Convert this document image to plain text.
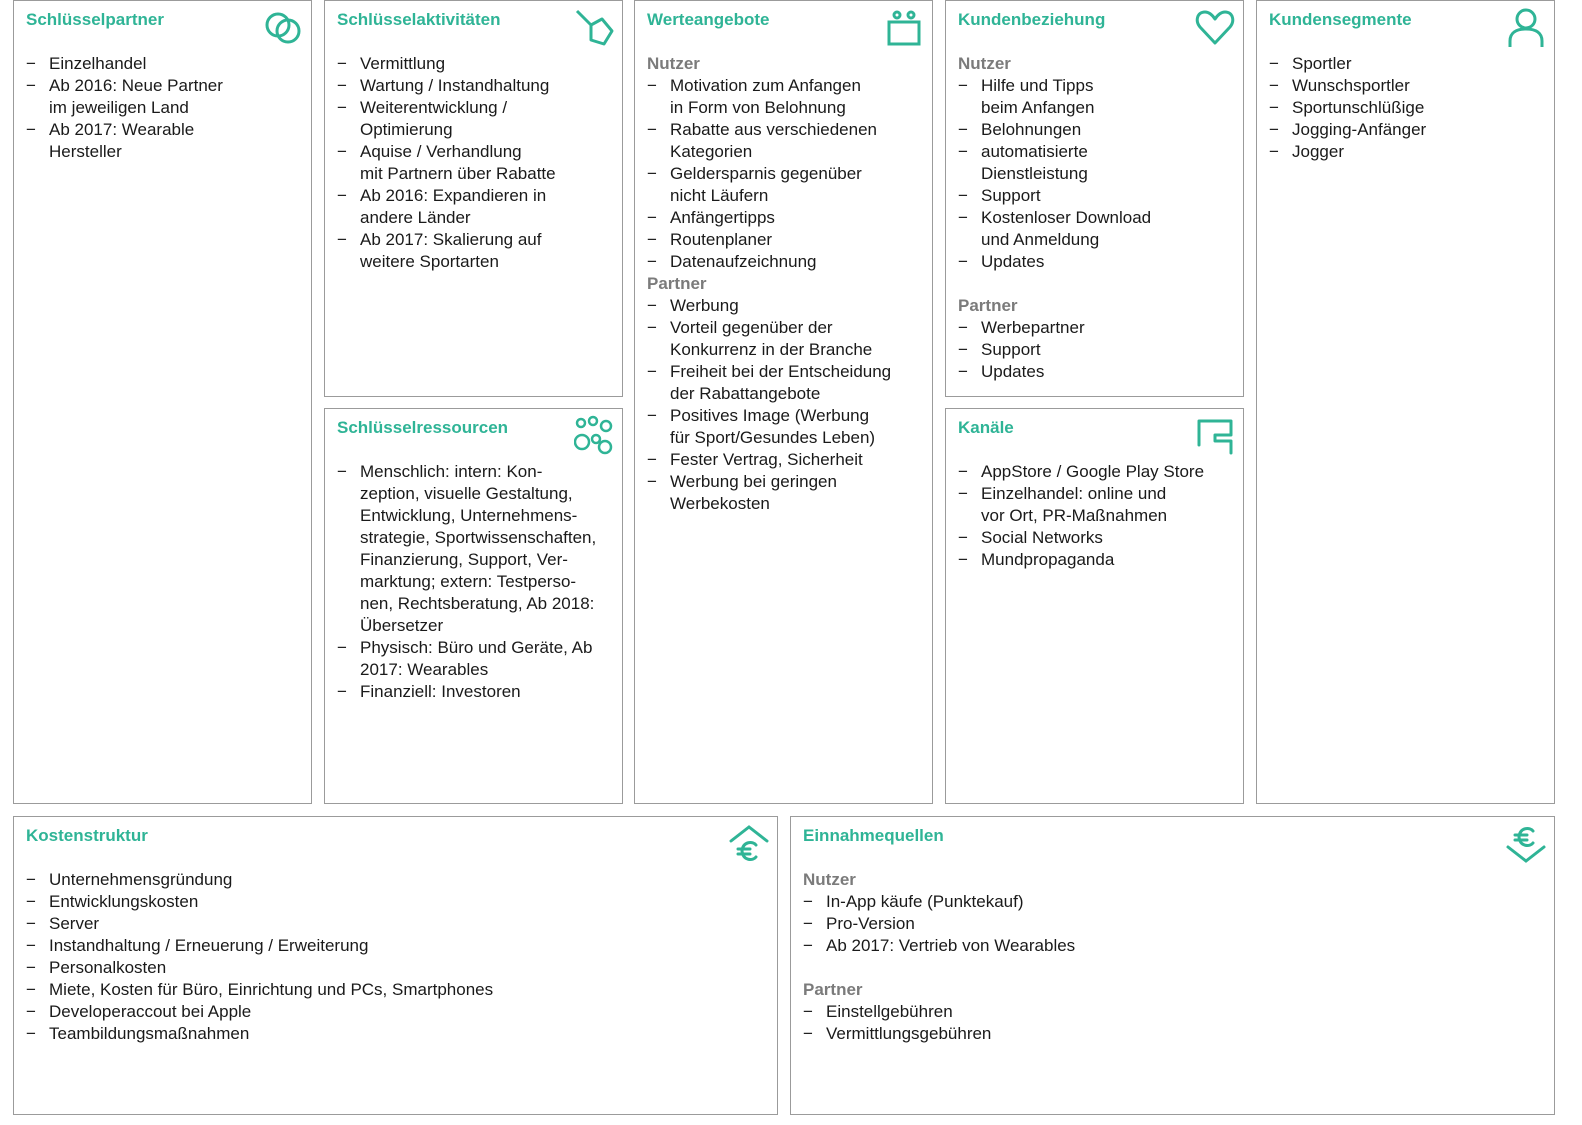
Schlüsselpartner
− Einzelhandel
− Ab 2016: Neue Partner
im jeweiligen Land
− Ab 2017: Wearable
Hersteller
Schlüsselaktivitäten
− Vermittlung
− Wartung / Instandhaltung
− Weiterentwicklung /
Optimierung
− Aquise / Verhandlung
mit Partnern über Rabatte
− Ab 2016: Expandieren in
andere Länder
− Ab 2017: Skalierung auf
weitere Sportarten
Schlüsselressourcen
− Menschlich: intern: Kon-
zeption, visuelle Gestaltung,
Entwicklung, Unternehmens-
strategie, Sportwissenschaften,
Finanzierung, Support, Ver-
marktung; extern: Testperso-
nen, Rechtsberatung, Ab 2018:
Übersetzer
− Physisch: Büro und Geräte, Ab
2017: Wearables
− Finanziell: Investoren
Werteangebote
Nutzer
− Motivation zum Anfangen
in Form von Belohnung
− Rabatte aus verschiedenen
Kategorien
− Geldersparnis gegenüber
nicht Läufern
− Anfängertipps
− Routenplaner
− Datenaufzeichnung
Partner
− Werbung
− Vorteil gegenüber der
Konkurrenz in der Branche
− Freiheit bei der Entscheidung
der Rabattangebote
− Positives Image (Werbung
für Sport/Gesundes Leben)
− Fester Vertrag, Sicherheit
− Werbung bei geringen
Werbekosten
Kundenbeziehung
Nutzer
− Hilfe und Tipps
beim Anfangen
− Belohnungen
− automatisierte
Dienstleistung
− Support
− Kostenloser Download
und Anmeldung
− Updates
Partner
− Werbepartner
− Support
− Updates
Kanäle
− AppStore / Google Play Store
− Einzelhandel: online und
vor Ort, PR-Maßnahmen
− Social Networks
− Mundpropaganda
Kundensegmente
− Sportler
− Wunschsportler
− Sportunschlüßige
− Jogging-Anfänger
− Jogger
Kostenstruktur
− Unternehmensgründung
− Entwicklungskosten
− Server
− Instandhaltung / Erneuerung / Erweiterung
− Personalkosten
− Miete, Kosten für Büro, Einrichtung und PCs, Smartphones
− Developeraccout bei Apple
− Teambildungsmaßnahmen
Einnahmequellen
Nutzer
− In-App käufe (Punktekauf)
− Pro-Version
− Ab 2017: Vertrieb von Wearables
Partner
− Einstellgebühren
− Vermittlungsgebühren
